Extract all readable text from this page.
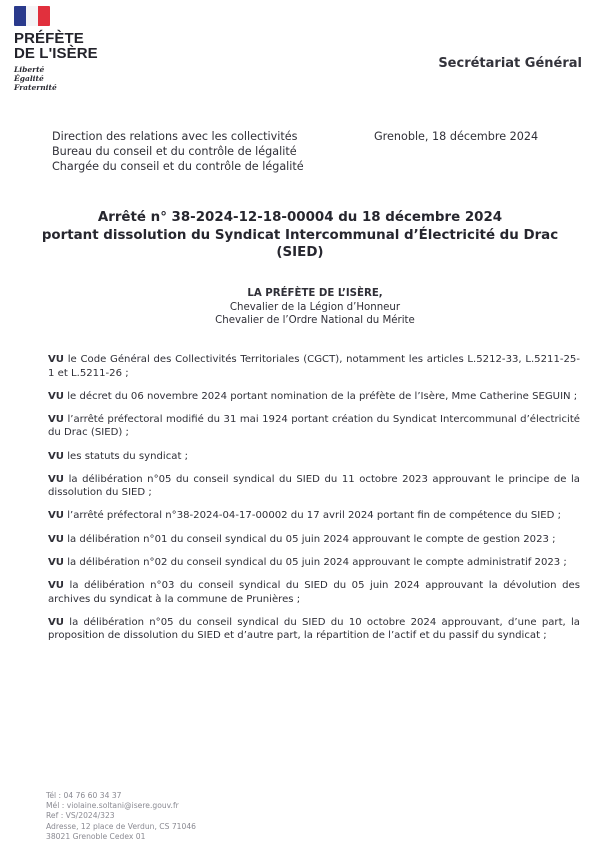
PRÉFÈTE
DE L'ISÈRE
Liberté
Égalité
Fraternité
Secrétariat Général
Direction des relations avec les collectivités
Bureau du conseil et du contrôle de légalité
Chargée du conseil et du contrôle de légalité
Grenoble, 18 décembre 2024
Arrêté n° 38-2024-12-18-00004 du 18 décembre 2024
portant dissolution du Syndicat Intercommunal d’Électricité du Drac
(SIED)
LA PRÉFÈTE DE L’ISÈRE,
Chevalier de la Légion d’Honneur
Chevalier de l’Ordre National du Mérite

VU le Code Général des Collectivités Territoriales (CGCT), notamment les articles L.5212-33, L.5211-25-1 et L.5211-26 ;

VU le décret du 06 novembre 2024 portant nomination de la préfète de l’Isère, Mme Catherine SEGUIN ;

VU l’arrêté préfectoral modifié du 31 mai 1924 portant création du Syndicat Intercommunal d’électricité du Drac (SIED) ;

VU les statuts du syndicat ;

VU la délibération n°05 du conseil syndical du SIED du 11 octobre 2023 approuvant le principe de la dissolution du SIED ;

VU l’arrêté préfectoral n°38-2024-04-17-00002 du 17 avril 2024 portant fin de compétence du SIED ;

VU la délibération n°01 du conseil syndical du 05 juin 2024 approuvant le compte de gestion 2023 ;

VU la délibération n°02 du conseil syndical du 05 juin 2024 approuvant le compte administratif 2023 ;

VU la délibération n°03 du conseil syndical du SIED du 05 juin 2024 approuvant la dévolution des archives du syndicat à la commune de Prunières ;

VU la délibération n°05 du conseil syndical du SIED du 10 octobre 2024 approuvant, d’une part, la proposition de dissolution du SIED et d’autre part, la répartition de l’actif et du passif du syndicat ;

Tél : 04 76 60 34 37
Mél : violaine.soltani@isere.gouv.fr
Ref : VS/2024/323
Adresse, 12 place de Verdun, CS 71046
38021 Grenoble Cedex 01
